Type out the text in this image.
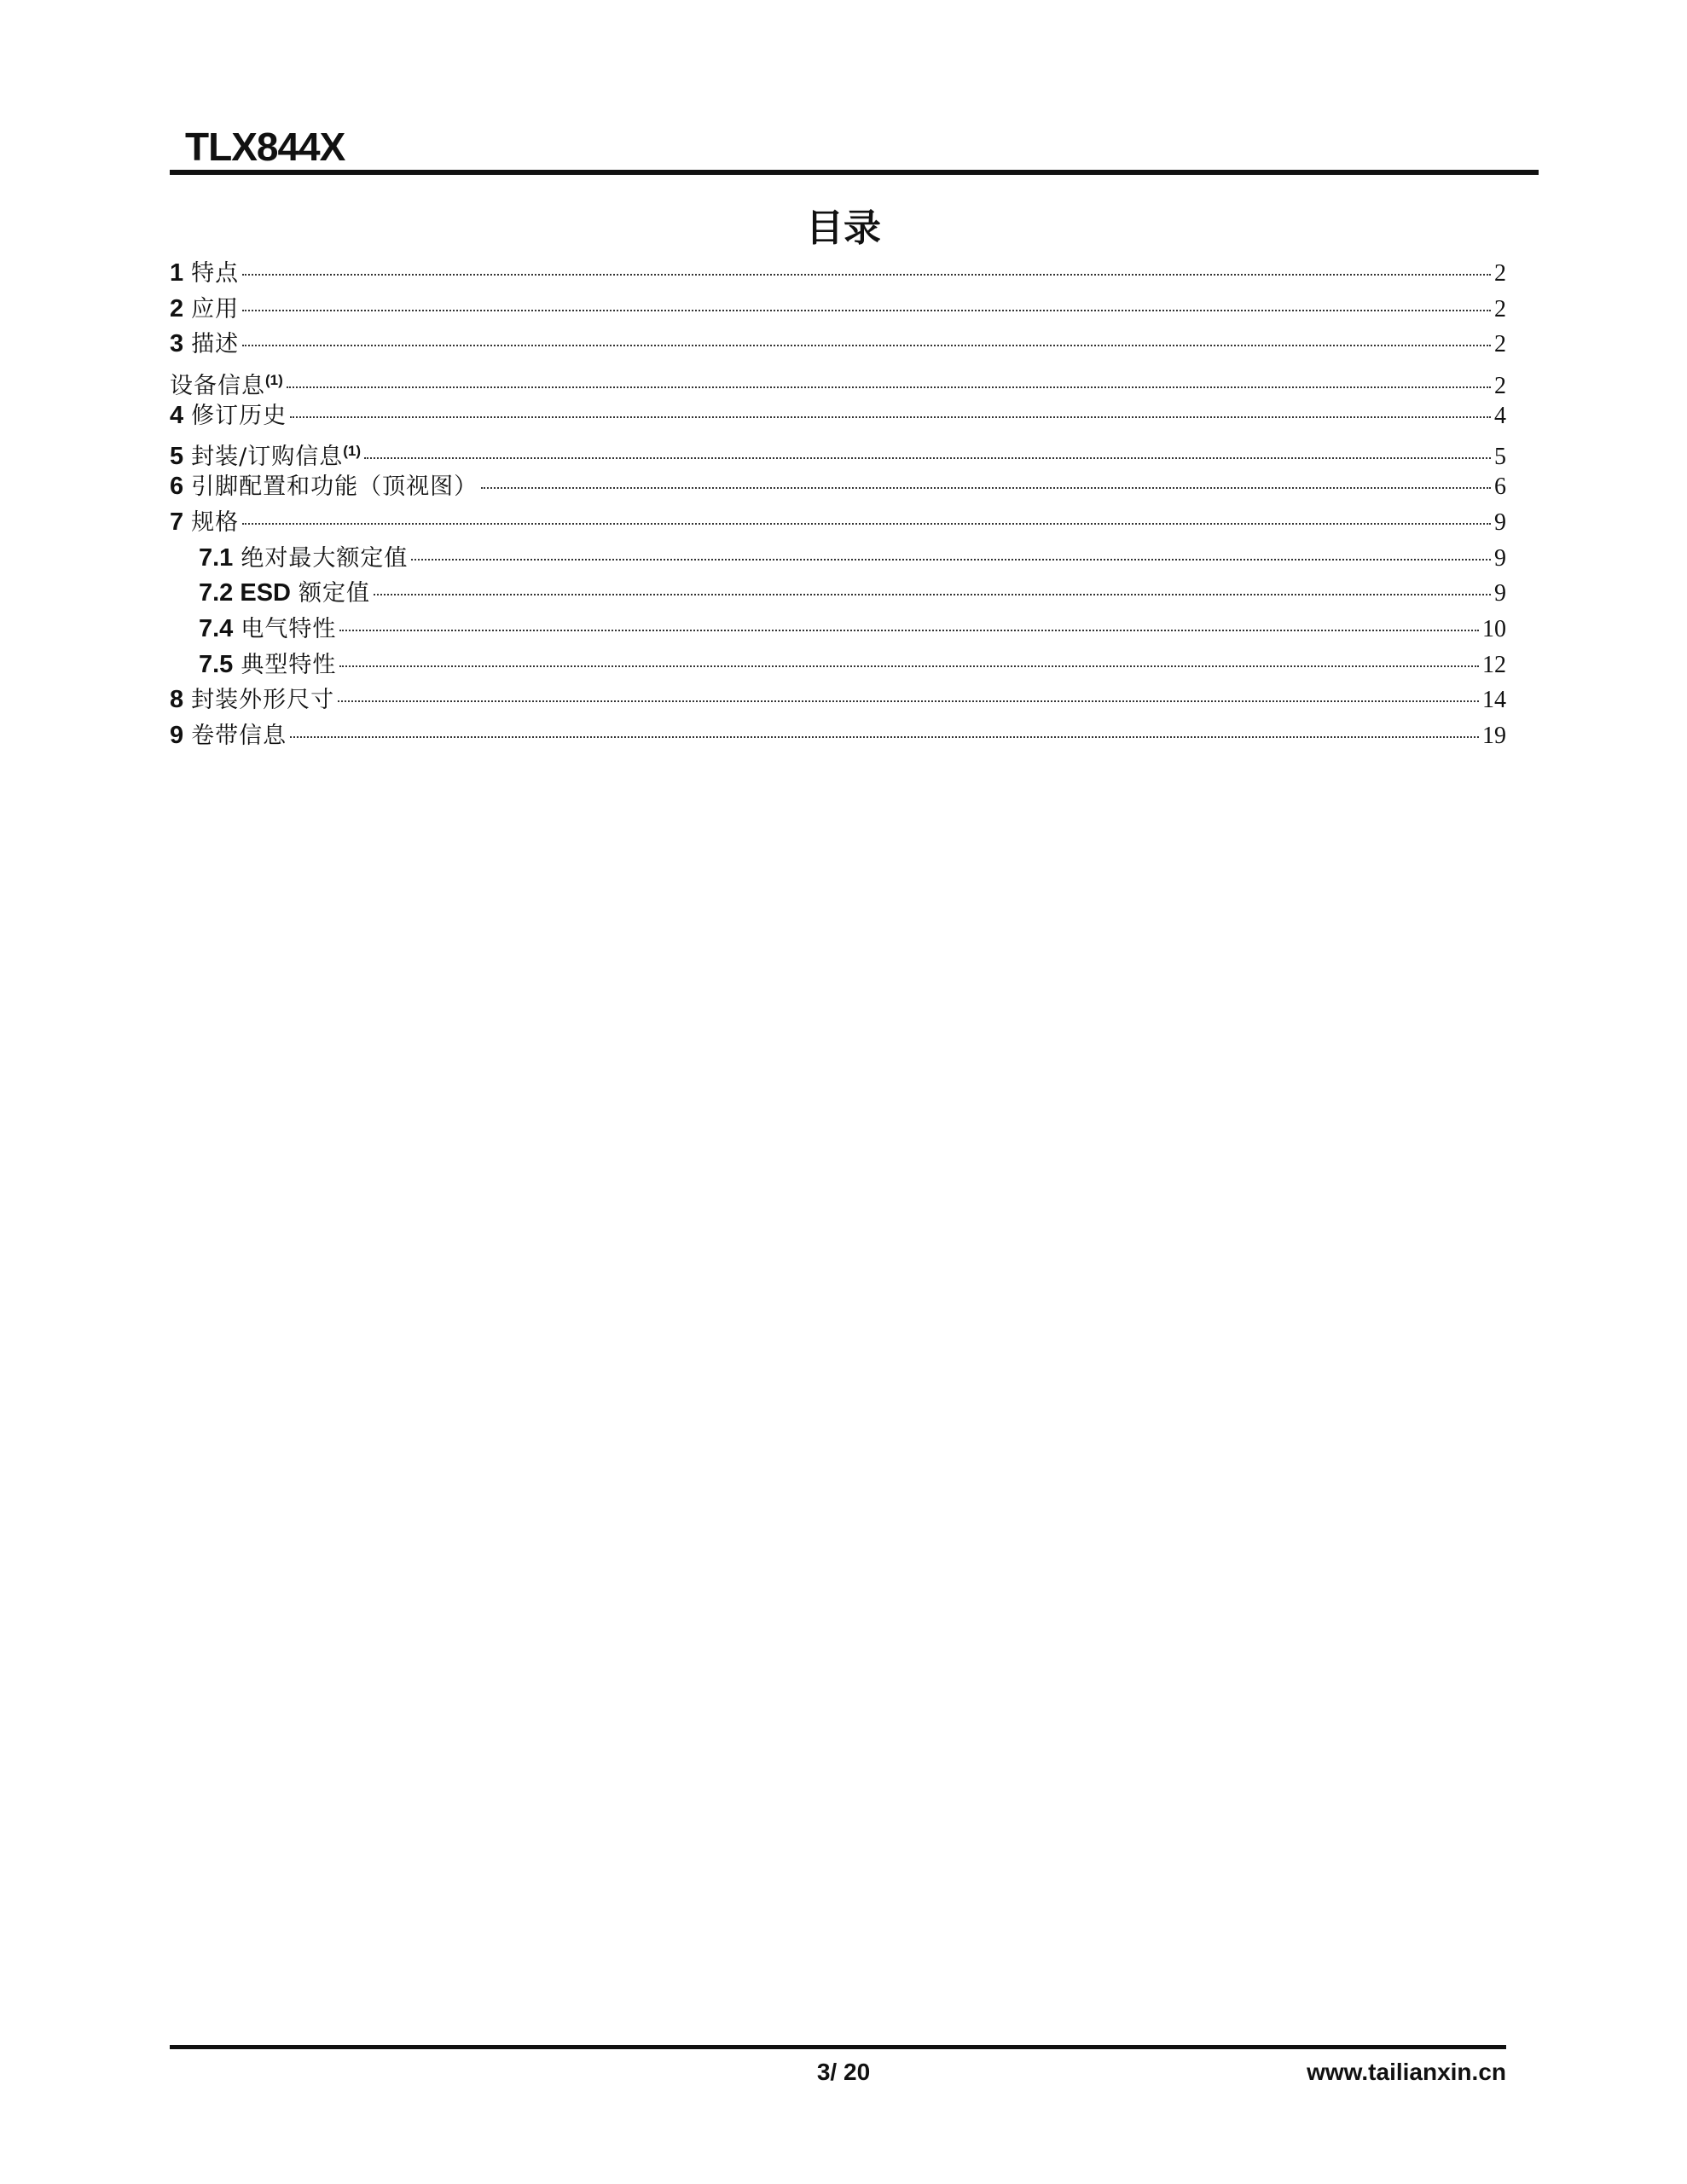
TLX844X
目录
1 特点	2
2 应用	2
3 描述	2
设备信息$^{(1)}$	2
4 修订历史	4
5 封装/订购信息$^{(1)}$	5
6 引脚配置和功能（顶视图）	6
7 规格	9
7.1 绝对最大额定值	9
7.2 ESD 额定值	9
7.4 电气特性	10
7.5 典型特性	12
8 封装外形尺寸	14
9 卷带信息	19
3/ 20	www.tailianxin.cn
